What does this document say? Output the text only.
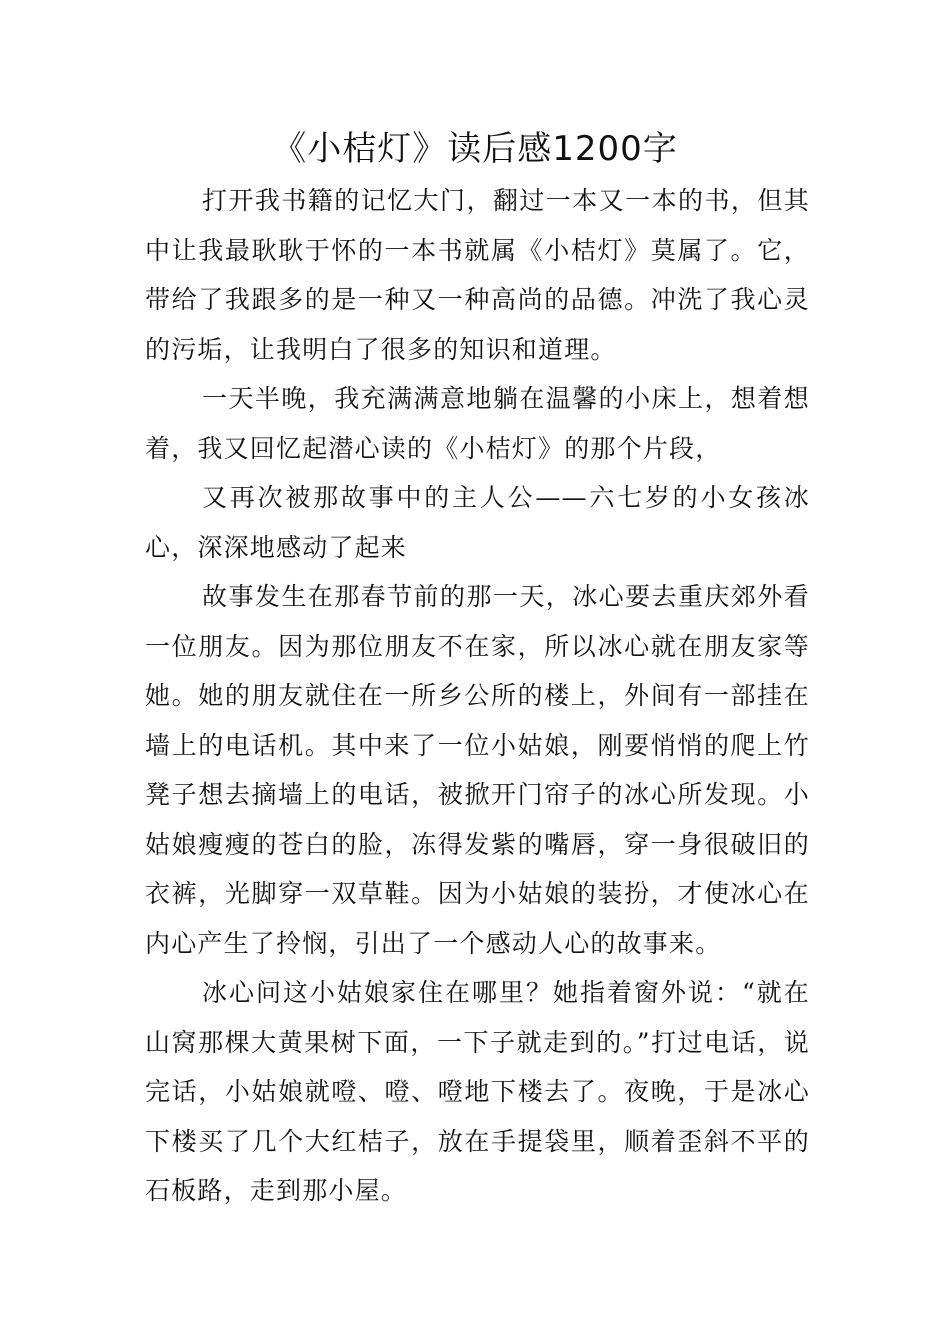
《小桔灯》读后感1200字

打开我书籍的记忆大门，翻过一本又一本的书，但其中让我最耿耿于怀的一本书就属《小桔灯》莫属了。它，带给了我跟多的是一种又一种高尚的品德。冲洗了我心灵的污垢，让我明白了很多的知识和道理。

一天半晚，我充满满意地躺在温馨的小床上，想着想着，我又回忆起潜心读的《小桔灯》的那个片段，

又再次被那故事中的主人公——六七岁的小女孩冰心，深深地感动了起来

故事发生在那春节前的那一天，冰心要去重庆郊外看一位朋友。因为那位朋友不在家，所以冰心就在朋友家等她。她的朋友就住在一所乡公所的楼上，外间有一部挂在墙上的电话机。其中来了一位小姑娘，刚要悄悄的爬上竹凳子想去摘墙上的电话，被掀开门帘子的冰心所发现。小姑娘瘦瘦的苍白的脸，冻得发紫的嘴唇，穿一身很破旧的衣裤，光脚穿一双草鞋。因为小姑娘的装扮，才使冰心在内心产生了拎悯，引出了一个感动人心的故事来。

冰心问这小姑娘家住在哪里？她指着窗外说：“就在山窝那棵大黄果树下面，一下子就走到的。”打过电话，说完话，小姑娘就噔、噔、噔地下楼去了。夜晚，于是冰心下楼买了几个大红桔子，放在手提袋里，顺着歪斜不平的石板路，走到那小屋。
